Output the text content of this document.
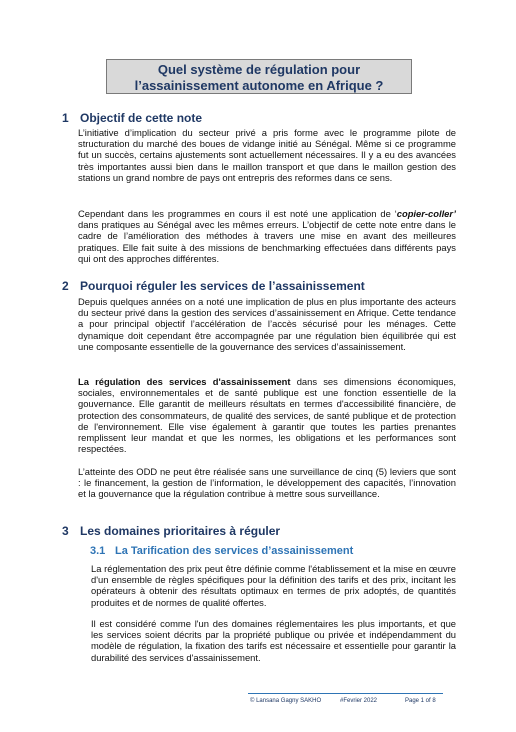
Quel système de régulation pour
l’assainissement autonome en Afrique ?
1 Objectif de cette note
L’initiative d’implication du secteur privé a pris forme avec le programme pilote de structuration du marché des boues de vidange initié au Sénégal. Même si ce programme fut un succès, certains ajustements sont actuellement nécessaires. Il y a eu des avancées très importantes aussi bien dans le maillon transport et que dans le maillon gestion des stations un grand nombre de pays ont entrepris des reformes dans ce sens.
Cependant dans les programmes en cours il est noté une application de ‘copier-coller’ dans pratiques au Sénégal avec les mêmes erreurs. L’objectif de cette note entre dans le cadre de l’amélioration des méthodes à travers une mise en avant des meilleures pratiques. Elle fait suite à des missions de benchmarking effectuées dans différents pays qui ont des approches différentes.
2 Pourquoi réguler les services de l’assainissement
Depuis quelques années on a noté une implication de plus en plus importante des acteurs du secteur privé dans la gestion des services d’assainissement en Afrique. Cette tendance a pour principal objectif l’accélération de l’accès sécurisé pour les ménages. Cette dynamique doit cependant être accompagnée par une régulation bien équilibrée qui est une composante essentielle de la gouvernance des services d’assainissement.
La régulation des services d'assainissement dans ses dimensions économiques, sociales, environnementales et de santé publique est une fonction essentielle de la gouvernance. Elle garantit de meilleurs résultats en termes d'accessibilité financière, de protection des consommateurs, de qualité des services, de santé publique et de protection de l'environnement. Elle vise également à garantir que toutes les parties prenantes remplissent leur mandat et que les normes, les obligations et les performances sont respectées.
L’atteinte des ODD ne peut être réalisée sans une surveillance de cinq (5) leviers que sont : le financement, la gestion de l’information, le développement des capacités, l’innovation et la gouvernance que la régulation contribue à mettre sous surveillance.
3 Les domaines prioritaires à réguler
3.1 La Tarification des services d’assainissement
La réglementation des prix peut être définie comme l'établissement et la mise en œuvre d'un ensemble de règles spécifiques pour la définition des tarifs et des prix, incitant les opérateurs à obtenir des résultats optimaux en termes de prix adoptés, de quantités produites et de normes de qualité offertes.
Il est considéré comme l'un des domaines réglementaires les plus importants, et que les services soient décrits par la propriété publique ou privée et indépendamment du modèle de régulation, la fixation des tarifs est nécessaire et essentielle pour garantir la durabilité des services d'assainissement.
© Lansana Gagny SAKHO	#Fevrier 2022	Page 1 of 8
